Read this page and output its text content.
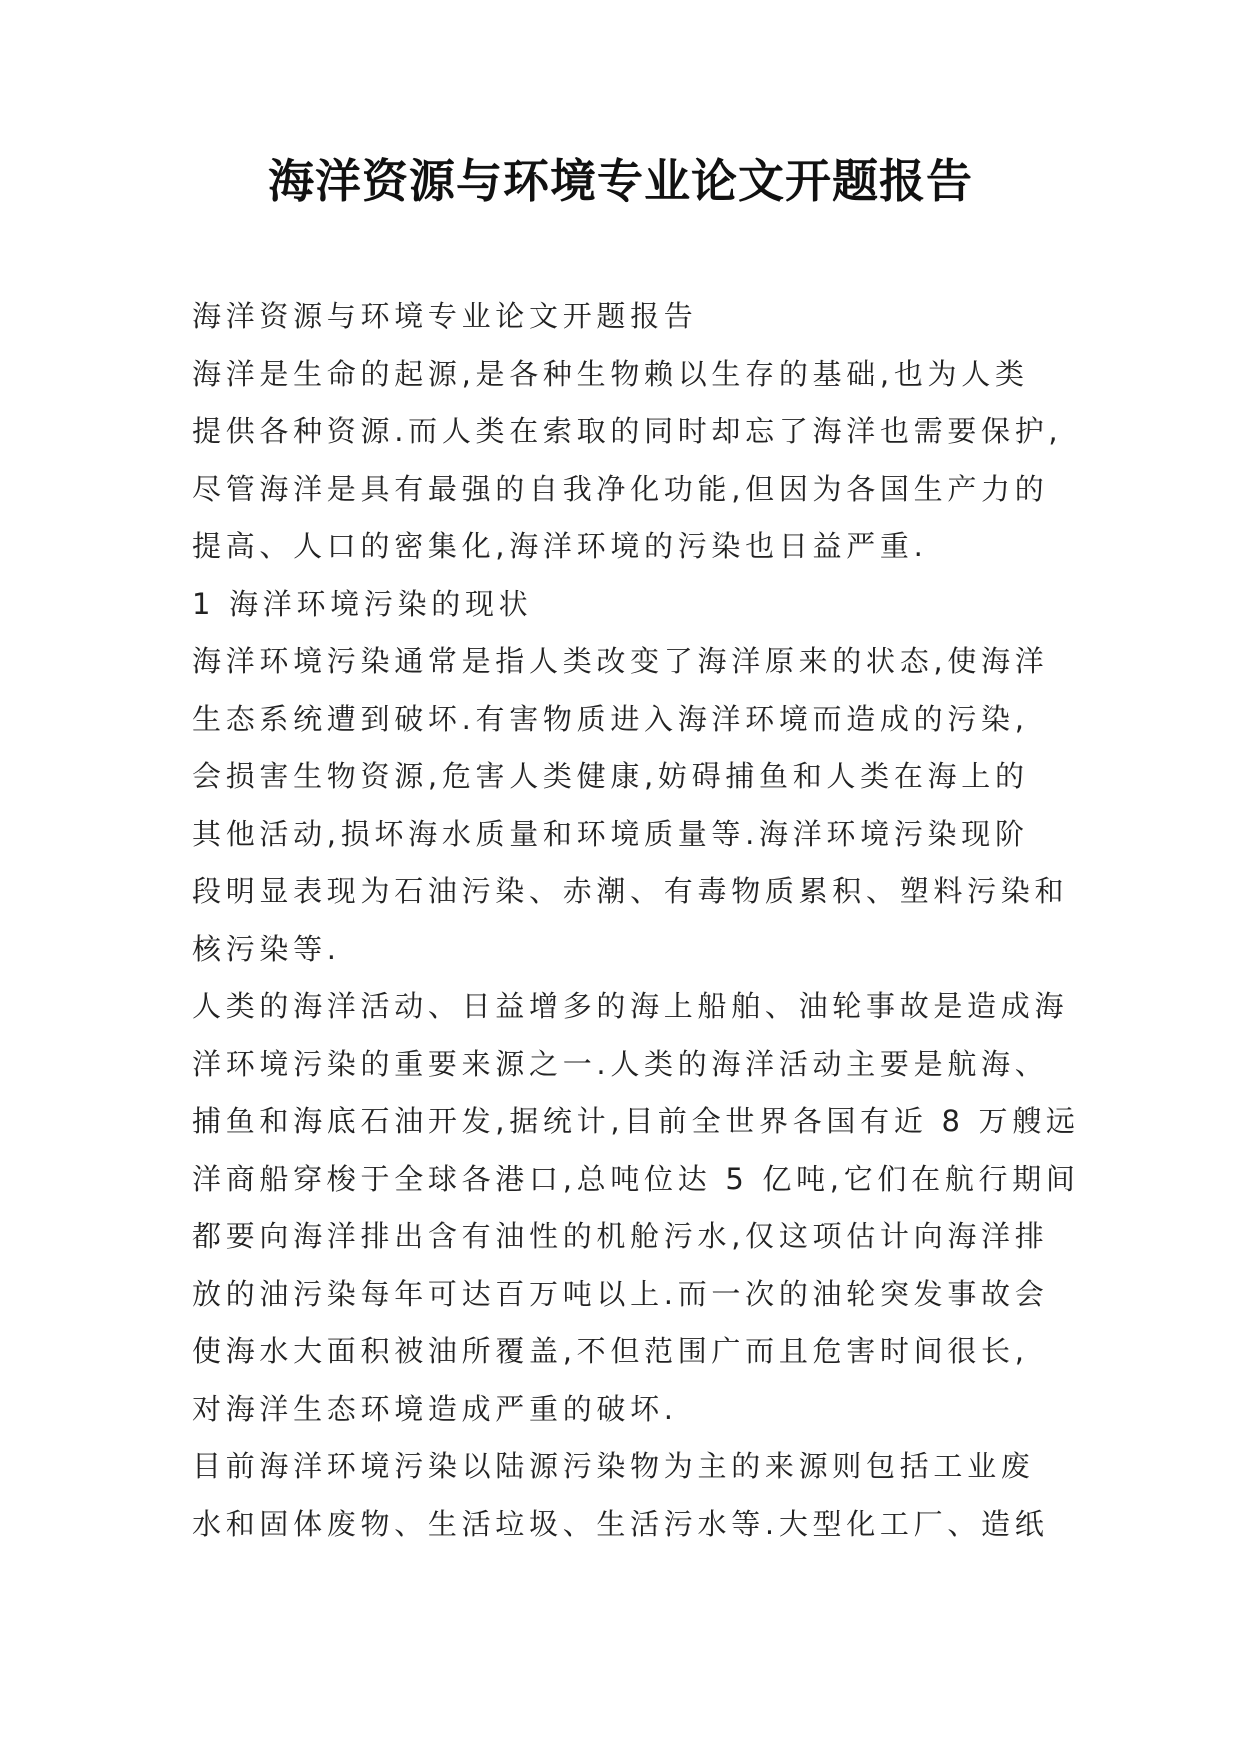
海洋资源与环境专业论文开题报告
海洋资源与环境专业论文开题报告
海洋是生命的起源,是各种生物赖以生存的基础,也为人类
提供各种资源.而人类在索取的同时却忘了海洋也需要保护,
尽管海洋是具有最强的自我净化功能,但因为各国生产力的
提高、人口的密集化,海洋环境的污染也日益严重.
1 海洋环境污染的现状
海洋环境污染通常是指人类改变了海洋原来的状态,使海洋
生态系统遭到破坏.有害物质进入海洋环境而造成的污染,
会损害生物资源,危害人类健康,妨碍捕鱼和人类在海上的
其他活动,损坏海水质量和环境质量等.海洋环境污染现阶
段明显表现为石油污染、赤潮、有毒物质累积、塑料污染和
核污染等.
人类的海洋活动、日益增多的海上船舶、油轮事故是造成海
洋环境污染的重要来源之一.人类的海洋活动主要是航海、
捕鱼和海底石油开发,据统计,目前全世界各国有近 8 万艘远
洋商船穿梭于全球各港口,总吨位达 5 亿吨,它们在航行期间
都要向海洋排出含有油性的机舱污水,仅这项估计向海洋排
放的油污染每年可达百万吨以上.而一次的油轮突发事故会
使海水大面积被油所覆盖,不但范围广而且危害时间很长,
对海洋生态环境造成严重的破坏.
目前海洋环境污染以陆源污染物为主的来源则包括工业废
水和固体废物、生活垃圾、生活污水等.大型化工厂、造纸
